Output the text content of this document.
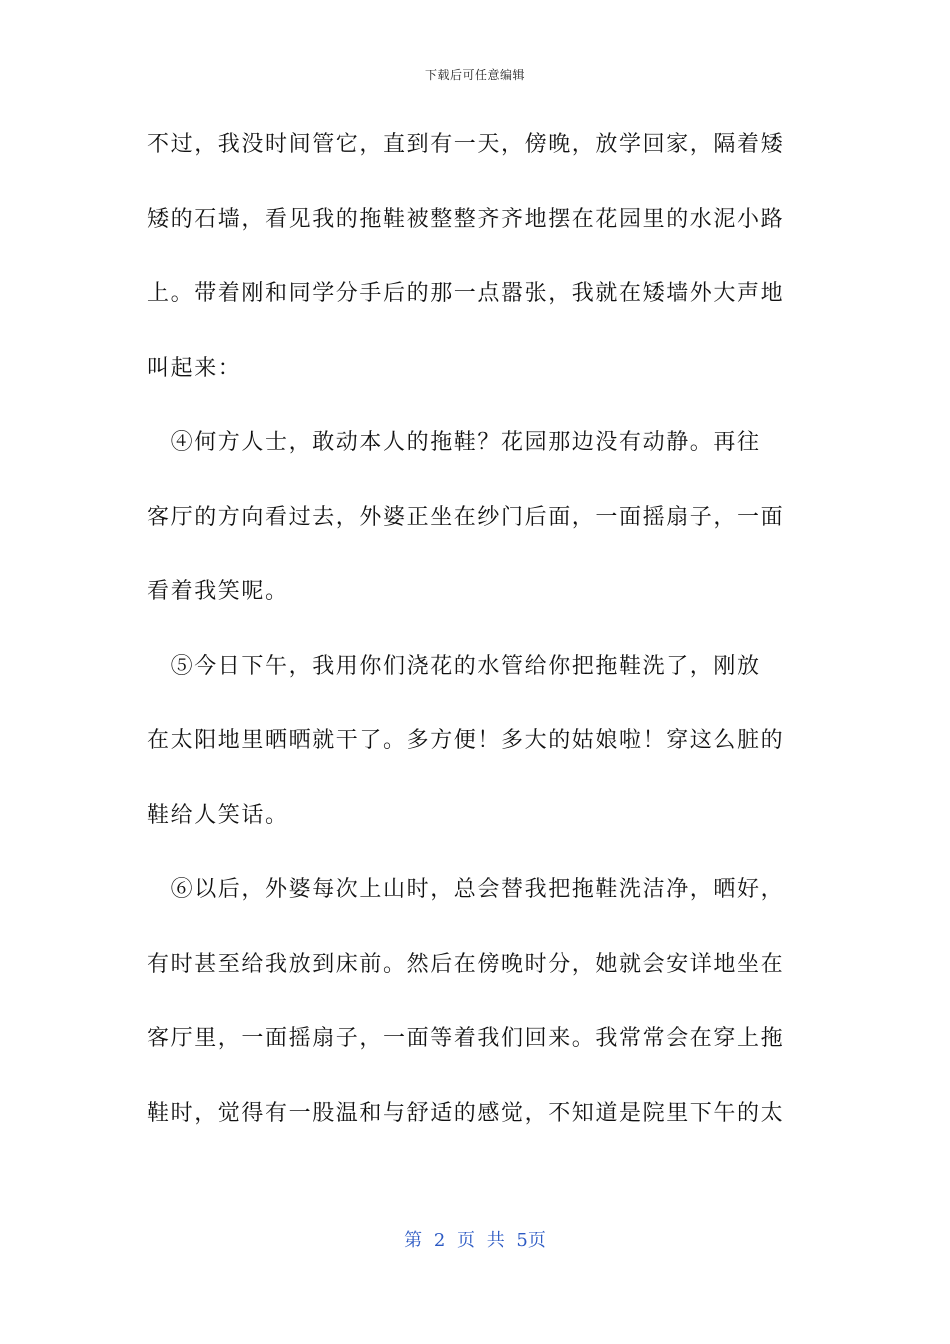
下载后可任意编辑
不过，我没时间管它，直到有一天，傍晚，放学回家，隔着矮
矮的石墙，看见我的拖鞋被整整齐齐地摆在花园里的水泥小路
上。带着刚和同学分手后的那一点嚣张，我就在矮墙外大声地
叫起来：
　④何方人士，敢动本人的拖鞋？花园那边没有动静。再往
客厅的方向看过去，外婆正坐在纱门后面，一面摇扇子，一面
看着我笑呢。
　⑤今日下午，我用你们浇花的水管给你把拖鞋洗了，刚放
在太阳地里晒晒就干了。多方便！多大的姑娘啦！穿这么脏的
鞋给人笑话。
　⑥以后，外婆每次上山时，总会替我把拖鞋洗洁净，晒好，
有时甚至给我放到床前。然后在傍晚时分，她就会安详地坐在
客厅里，一面摇扇子，一面等着我们回来。我常常会在穿上拖
鞋时，觉得有一股温和与舒适的感觉，不知道是院里下午的太
第 2 页 共 5页
